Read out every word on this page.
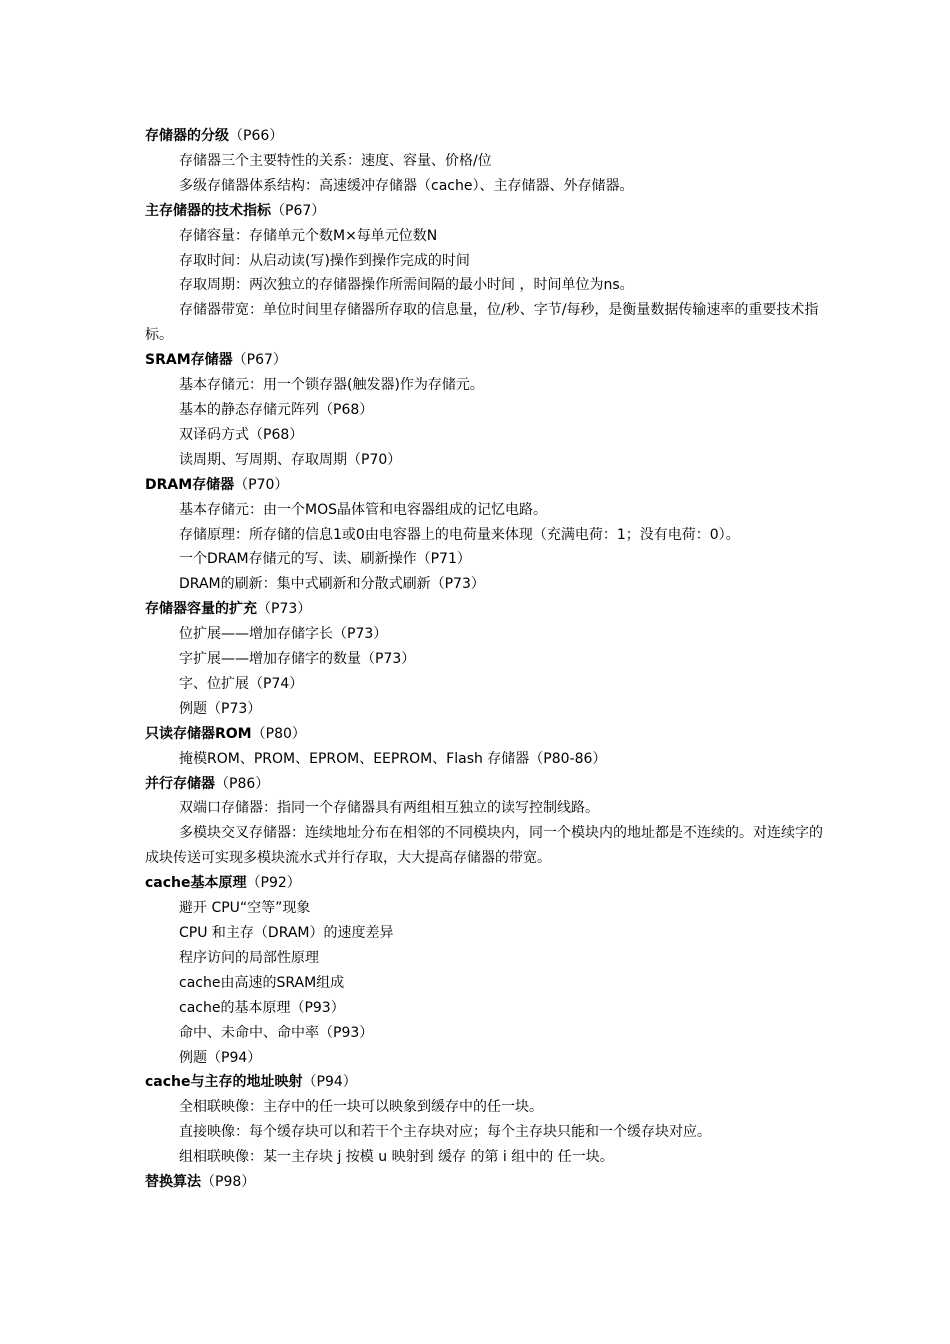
存储器的分级（P66）
存储器三个主要特性的关系：速度、容量、价格/位
多级存储器体系结构：高速缓冲存储器（cache）、主存储器、外存储器。
主存储器的技术指标（P67）
存储容量：存储单元个数M×每单元位数N
存取时间：从启动读(写)操作到操作完成的时间
存取周期：两次独立的存储器操作所需间隔的最小时间 ，时间单位为ns。
存储器带宽：单位时间里存储器所存取的信息量，位/秒、字节/每秒，是衡量数据传输速率的重要技术指标。
SRAM存储器（P67）
基本存储元：用一个锁存器(触发器)作为存储元。
基本的静态存储元阵列（P68）
双译码方式（P68）
读周期、写周期、存取周期（P70）
DRAM存储器（P70）
基本存储元：由一个MOS晶体管和电容器组成的记忆电路。
存储原理：所存储的信息1或0由电容器上的电荷量来体现（充满电荷：1；没有电荷：0）。
一个DRAM存储元的写、读、刷新操作（P71）
DRAM的刷新：集中式刷新和分散式刷新（P73）
存储器容量的扩充（P73）
位扩展——增加存储字长（P73）
字扩展——增加存储字的数量（P73）
字、位扩展（P74）
例题（P73）
只读存储器ROM（P80）
掩模ROM、PROM、EPROM、EEPROM、Flash 存储器（P80-86）
并行存储器（P86）
双端口存储器：指同一个存储器具有两组相互独立的读写控制线路。
多模块交叉存储器：连续地址分布在相邻的不同模块内，同一个模块内的地址都是不连续的。对连续字的成块传送可实现多模块流水式并行存取，大大提高存储器的带宽。
cache基本原理（P92）
避开 CPU“空等”现象
CPU 和主存（DRAM）的速度差异
程序访问的局部性原理
cache由高速的SRAM组成
cache的基本原理（P93）
命中、未命中、命中率（P93）
例题（P94）
cache与主存的地址映射（P94）
全相联映像：主存中的任一块可以映象到缓存中的任一块。
直接映像：每个缓存块可以和若干个主存块对应；每个主存块只能和一个缓存块对应。
组相联映像：某一主存块 j 按模 u 映射到 缓存 的第 i 组中的 任一块。
替换算法（P98）
